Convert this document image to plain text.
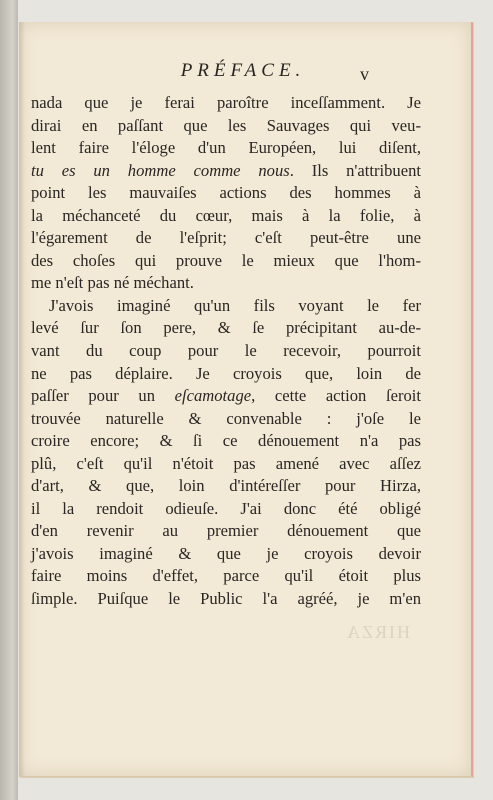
PRÉFACE.	v
nada que je ferai paroître inceſſamment. Je
dirai en paſſant que les Sauvages qui veu-
lent faire l'éloge d'un Européen, lui diſent,
tu es un homme comme nous. Ils n'attribuent
point les mauvaiſes actions des hommes à
la méchanceté du cœur, mais à la folie, à
l'égarement de l'eſprit; c'eſt peut-être une
des choſes qui prouve le mieux que l'hom-
me n'eſt pas né méchant.
J'avois imaginé qu'un fils voyant le fer
levé ſur ſon pere, & ſe précipitant au-de-
vant du coup pour le recevoir, pourroit
ne pas déplaire. Je croyois que, loin de
paſſer pour un eſcamotage, cette action ſeroit
trouvée naturelle & convenable : j'oſe le
croire encore; & ſi ce dénouement n'a pas
plû, c'eſt qu'il n'étoit pas amené avec aſſez
d'art, & que, loin d'intéreſſer pour Hirza,
il la rendoit odieuſe. J'ai donc été obligé
d'en revenir au premier dénouement que
j'avois imaginé & que je croyois devoir
faire moins d'effet, parce qu'il étoit plus
ſimple. Puiſque le Public l'a agréé, je m'en
HIRZA
